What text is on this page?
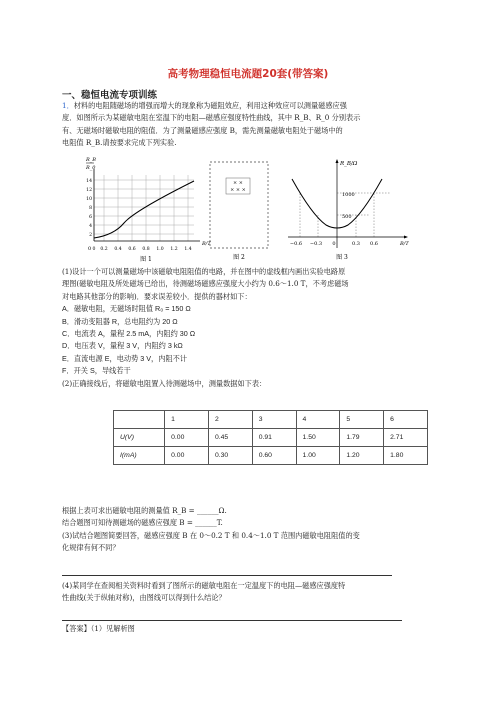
高考物理稳恒电流题20套(带答案)
一、稳恒电流专项训练
1．材料的电阻随磁场的增强而增大的现象称为磁阻效应，利用这种效应可以测量磁感应强
度．如图所示为某磁敏电阻在室温下的电阻—磁感应强度特性曲线，其中 R_B、R_0 分别表示
有、无磁场时磁敏电阻的阻值．为了测量磁感应强度 B，需先测量磁敏电阻处于磁场中的
电阻值 R_B.请按要求完成下列实验.
0
B/T
R_B
R_0
14
12
10
8
6
4
2
0 0.2 0.4 0.6 0.8 1.0 1.2 1.4
图 1
× ×
× × ×
图 2
R_B/Ω
B/T
1000
500
−0.6 −0.3 0	0.3 0.6
图 3
(1)设计一个可以测量磁场中该磁敏电阻阻值的电路，并在图中的虚线框内画出实验电路原
理图(磁敏电阻及所处磁场已给出，待测磁场磁感应强度大小约为 0.6～1.0 T，不考虑磁场
对电路其他部分的影响)．要求误差较小．提供的器材如下：
A．磁敏电阻，无磁场时阻值 R₀ = 150 Ω
B．滑动变阻器 R，总电阻约为 20 Ω
C．电流表 A，量程 2.5 mA，内阻约 30 Ω
D．电压表 V，量程 3 V，内阻约 3 kΩ
E．直流电源 E，电动势 3 V，内阻不计
F．开关 S，导线若干
(2)正确接线后，将磁敏电阻置入待测磁场中，测量数据如下表：
	1	2	3	4	5	6
U(V)	0.00	0.45	0.91	1.50	1.79	2.71
I(mA)	0.00	0.30	0.60	1.00	1.20	1.80
根据上表可求出磁敏电阻的测量值 R_B = ______Ω.
结合题图可知待测磁场的磁感应强度 B = ______T.
(3)试结合题图简要回答，磁感应强度 B 在 0～0.2 T 和 0.4～1.0 T 范围内磁敏电阻阻值的变
化规律有何不同？
(4)某同学在查阅相关资料时看到了图所示的磁敏电阻在一定温度下的电阻—磁感应强度特
性曲线(关于纵轴对称)，由图线可以得到什么结论？
【答案】（1）见解析图
